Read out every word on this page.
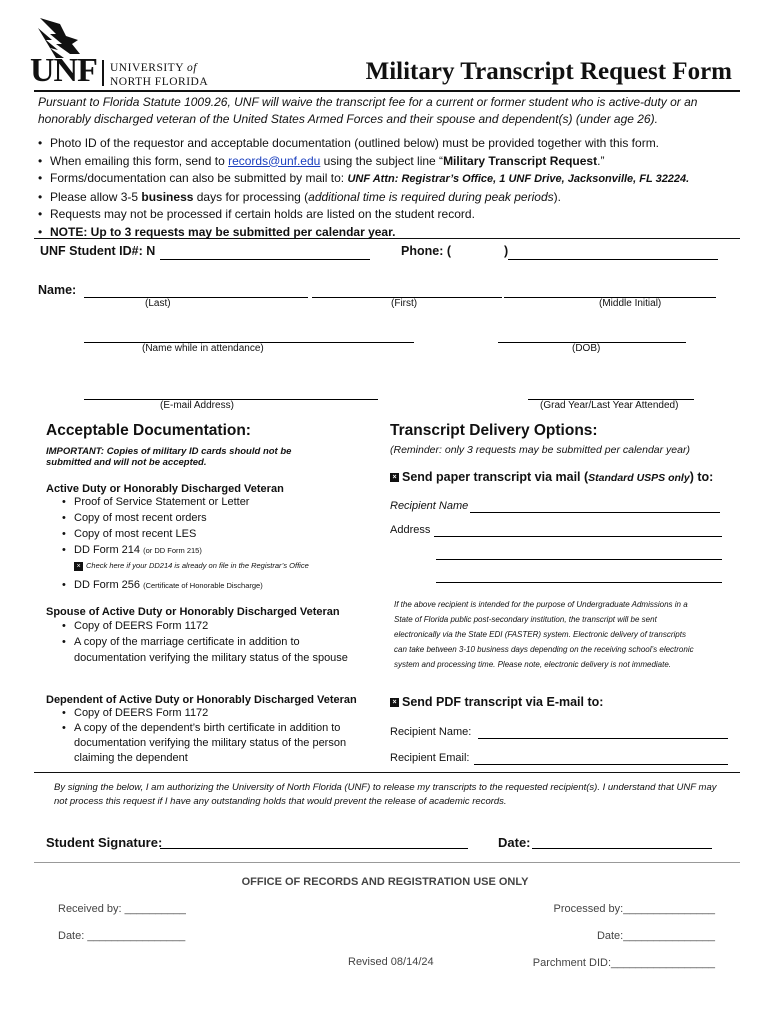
UNF UNIVERSITY of
NORTH FLORIDA	Military Transcript Request Form
Pursuant to Florida Statute 1009.26, UNF will waive the transcript fee for a current or former student who is active-duty or an honorably discharged veteran of the United States Armed Forces and their spouse and dependent(s) (under age 26).
• Photo ID of the requestor and acceptable documentation (outlined below) must be provided together with this form.
• When emailing this form, send to records@unf.edu using the subject line “Military Transcript Request.”
• Forms/documentation can also be submitted by mail to: UNF Attn: Registrar’s Office, 1 UNF Drive, Jacksonville, FL 32224.
• Please allow 3-5 business days for processing (additional time is required during peak periods).
• Requests may not be processed if certain holds are listed on the student record.
• NOTE: Up to 3 requests may be submitted per calendar year.
UNF Student ID#: N	Phone: (	)
Name:
(Last)	(First)	(Middle Initial)
(Name while in attendance)	(DOB)
(E-mail Address)	(Grad Year/Last Year Attended)
Acceptable Documentation:
IMPORTANT: Copies of military ID cards should not be submitted and will not be accepted.
Active Duty or Honorably Discharged Veteran
• Proof of Service Statement or Letter
• Copy of most recent orders
• Copy of most recent LES
• DD Form 214 (or DD Form 215)
× Check here if your DD214 is already on file in the Registrar’s Office
• DD Form 256 (Certificate of Honorable Discharge)
Spouse of Active Duty or Honorably Discharged Veteran
• Copy of DEERS Form 1172
• A copy of the marriage certificate in addition to documentation verifying the military status of the spouse
Dependent of Active Duty or Honorably Discharged Veteran
• Copy of DEERS Form 1172
• A copy of the dependent’s birth certificate in addition to documentation verifying the military status of the person claiming the dependent
Transcript Delivery Options:
(Reminder: only 3 requests may be submitted per calendar year)
× Send paper transcript via mail (Standard USPS only) to:
Recipient Name
Address
If the above recipient is intended for the purpose of Undergraduate Admissions in a State of Florida public post-secondary institution, the transcript will be sent electronically via the State EDI (FASTER) system. Electronic delivery of transcripts can take between 3-10 business days depending on the receiving school’s electronic system and processing time. Please note, electronic delivery is not immediate.
× Send PDF transcript via E-mail to:
Recipient Name:
Recipient Email:
By signing the below, I am authorizing the University of North Florida (UNF) to release my transcripts to the requested recipient(s). I understand that UNF may not process this request if I have any outstanding holds that would prevent the release of academic records.
Student Signature:	Date:
OFFICE OF RECORDS AND REGISTRATION USE ONLY
Received by: __________	Processed by:_______________
Date: ________________	Date:_______________
Revised 08/14/24	Parchment DID:_________________
